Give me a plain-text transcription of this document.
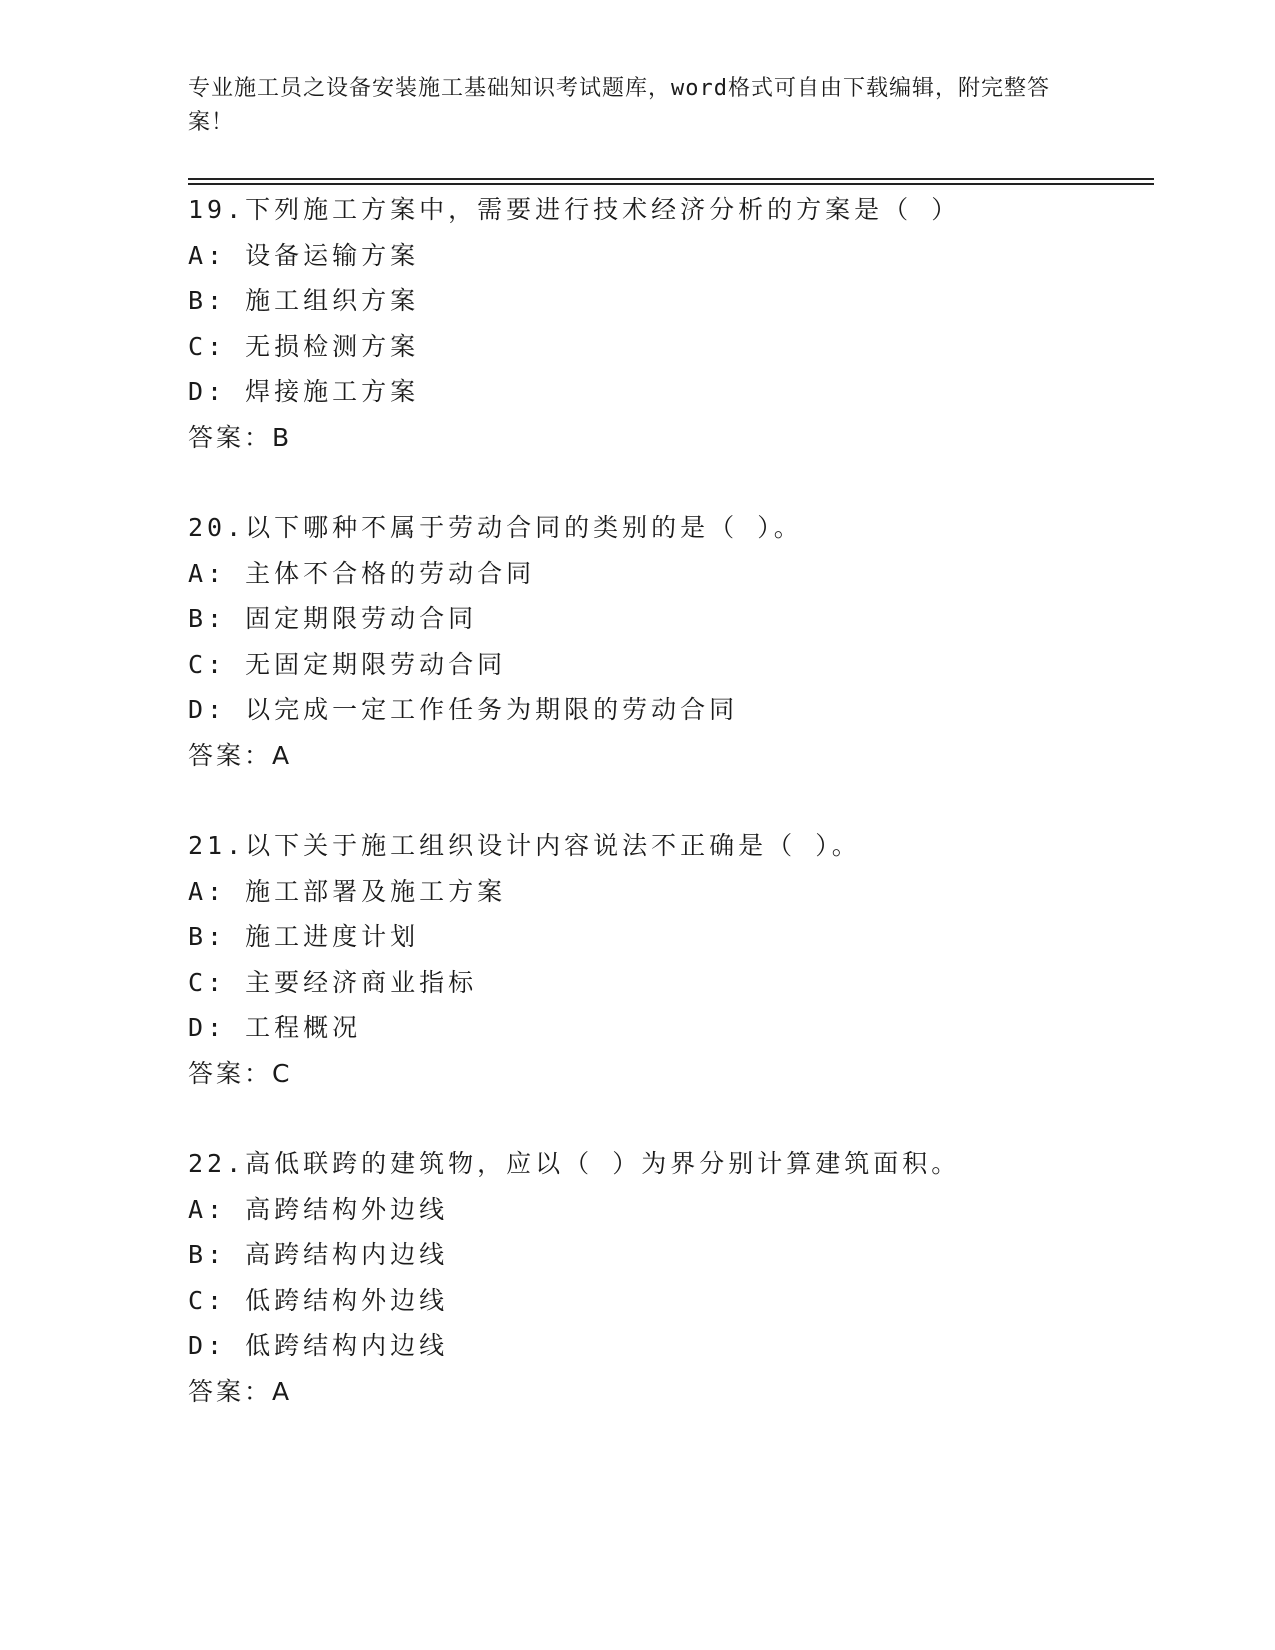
专业施工员之设备安装施工基础知识考试题库，word格式可自由下载编辑，附完整答案！
19.下列施工方案中，需要进行技术经济分析的方案是（ ）
A: 设备运输方案
B: 施工组织方案
C: 无损检测方案
D: 焊接施工方案
答案：B
20.以下哪种不属于劳动合同的类别的是（ ）。
A: 主体不合格的劳动合同
B: 固定期限劳动合同
C: 无固定期限劳动合同
D: 以完成一定工作任务为期限的劳动合同
答案：A
21.以下关于施工组织设计内容说法不正确是（ ）。
A: 施工部署及施工方案
B: 施工进度计划
C: 主要经济商业指标
D: 工程概况
答案：C
22.高低联跨的建筑物，应以（ ）为界分别计算建筑面积。
A: 高跨结构外边线
B: 高跨结构内边线
C: 低跨结构外边线
D: 低跨结构内边线
答案：A
